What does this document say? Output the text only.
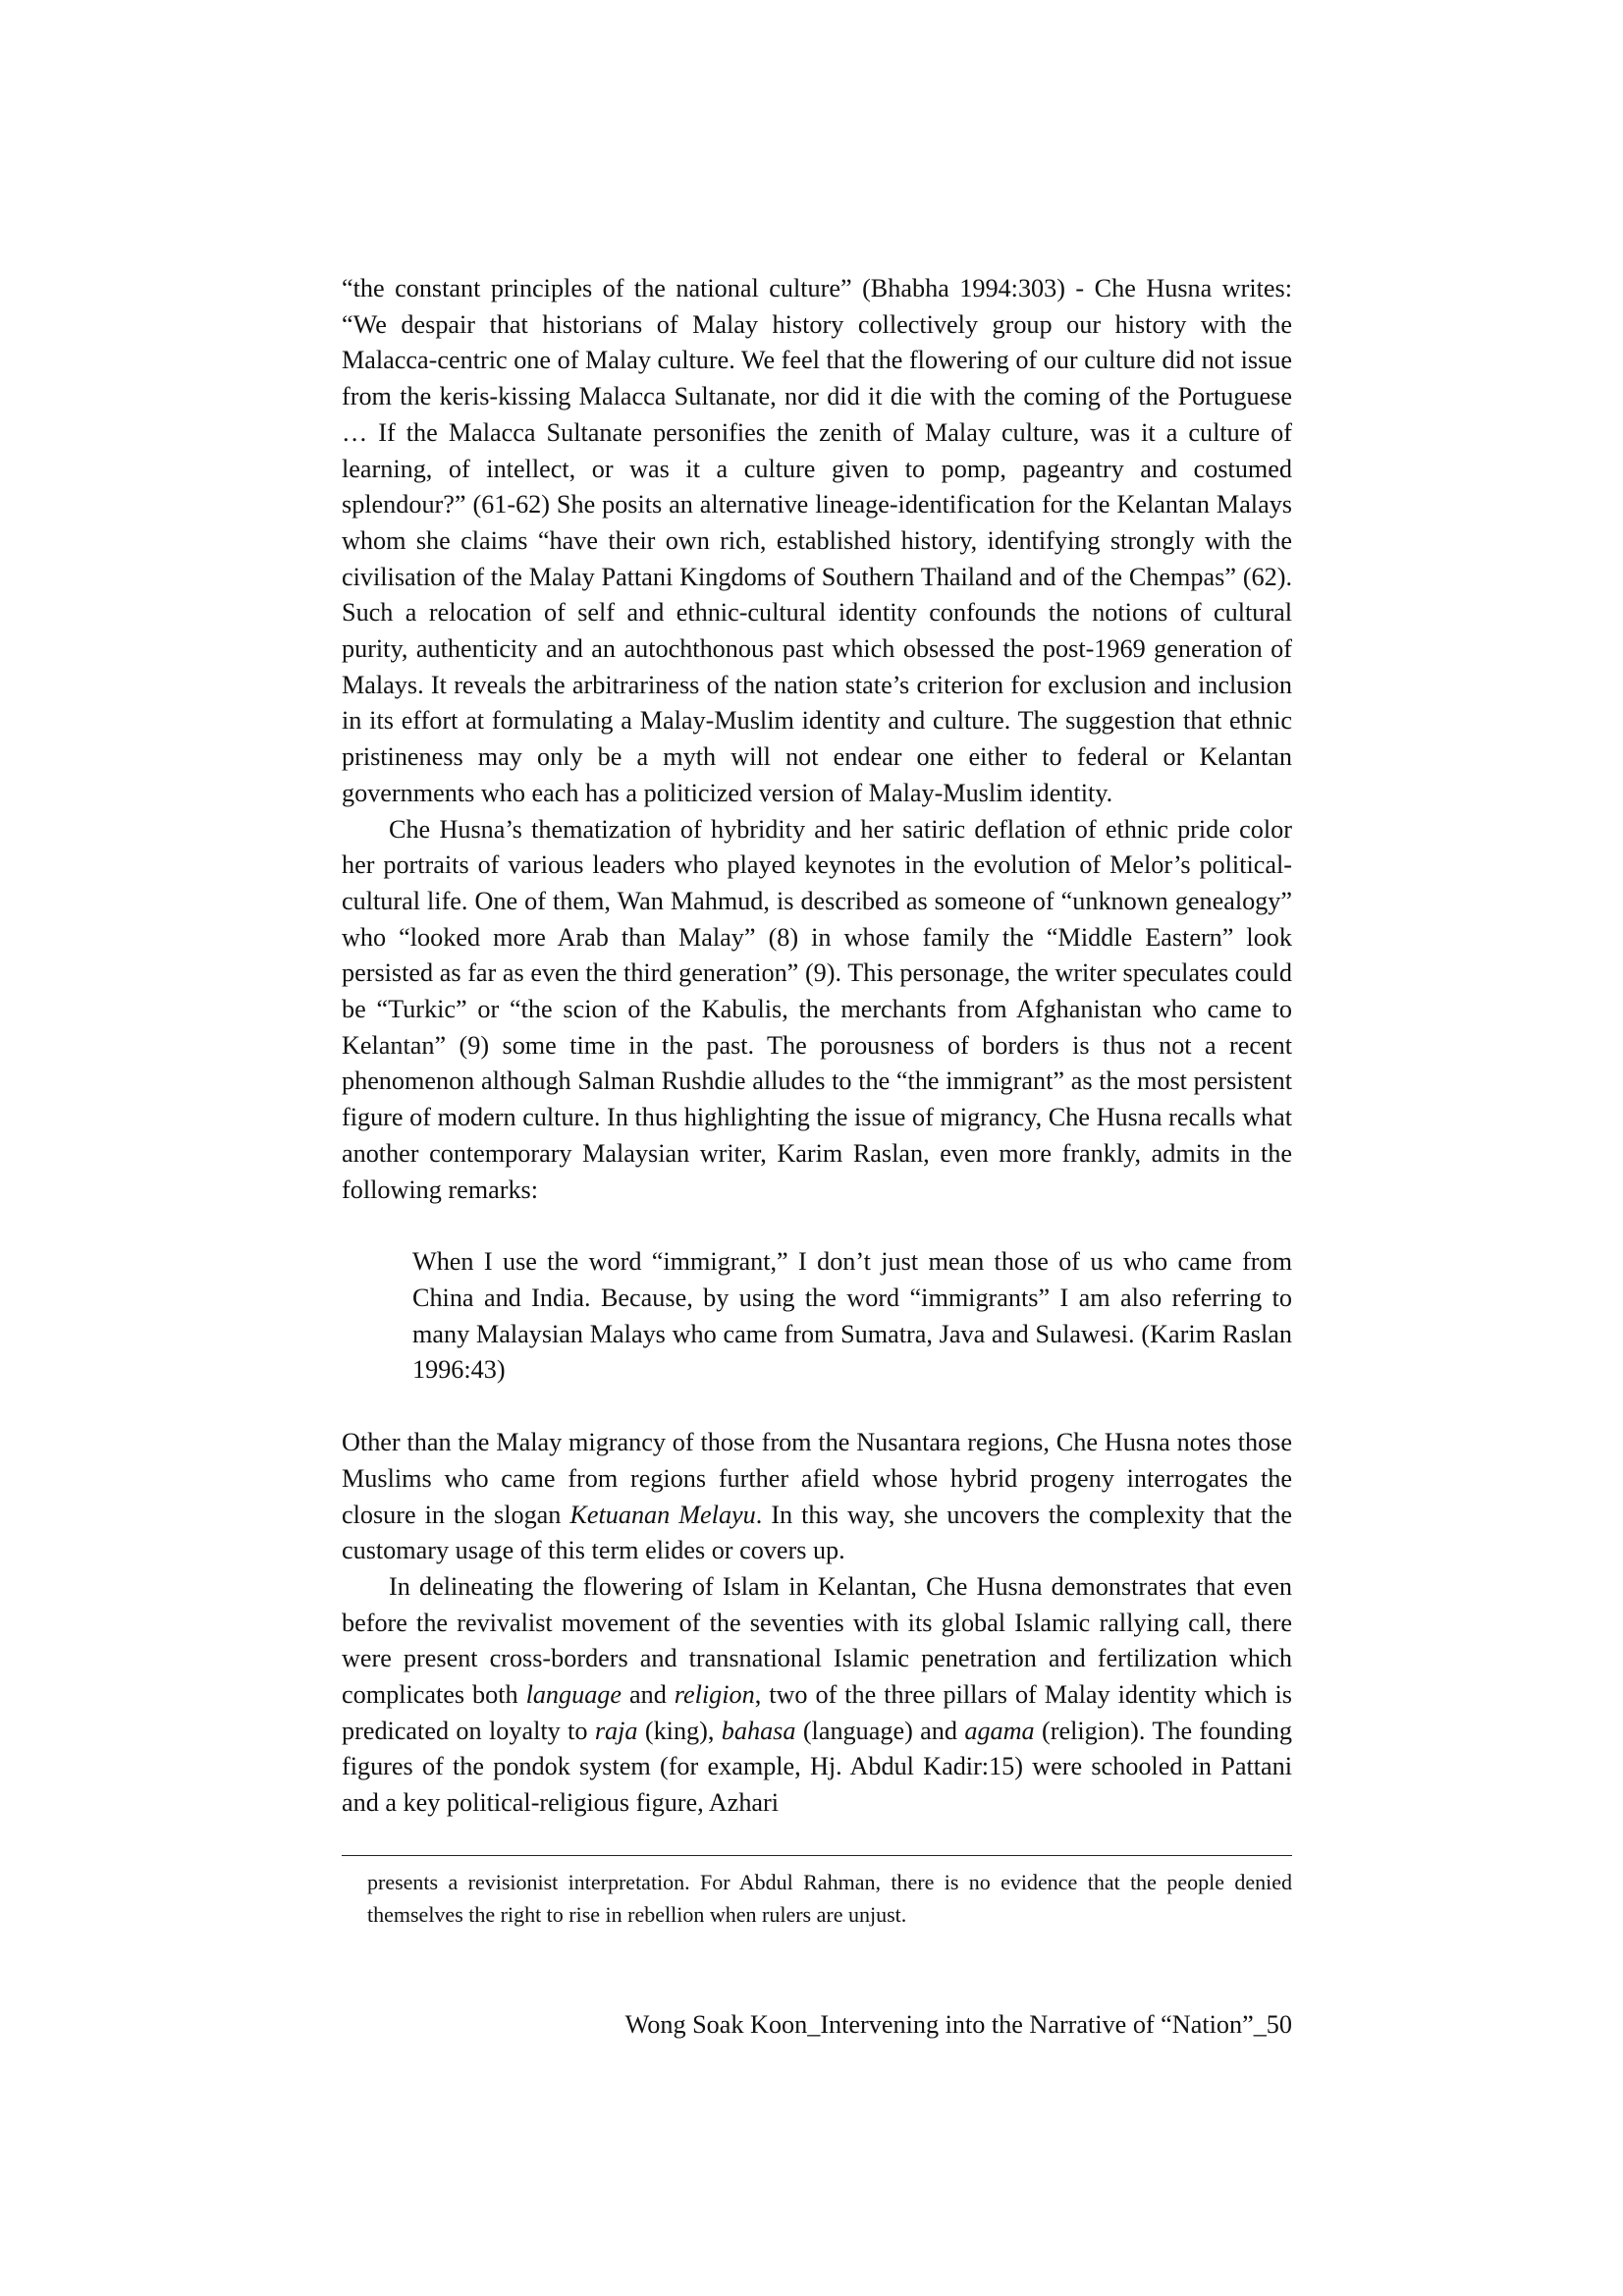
“the constant principles of the national culture” (Bhabha 1994:303) - Che Husna writes: “We despair that historians of Malay history collectively group our history with the Malacca-centric one of Malay culture. We feel that the flowering of our culture did not issue from the keris-kissing Malacca Sultanate, nor did it die with the coming of the Portuguese … If the Malacca Sultanate personifies the zenith of Malay culture, was it a culture of learning, of intellect, or was it a culture given to pomp, pageantry and costumed splendour?” (61-62) She posits an alternative lineage-identification for the Kelantan Malays whom she claims “have their own rich, established history, identifying strongly with the civilisation of the Malay Pattani Kingdoms of Southern Thailand and of the Chempas” (62). Such a relocation of self and ethnic-cultural identity confounds the notions of cultural purity, authenticity and an autochthonous past which obsessed the post-1969 generation of Malays. It reveals the arbitrariness of the nation state’s criterion for exclusion and inclusion in its effort at formulating a Malay-Muslim identity and culture. The suggestion that ethnic pristineness may only be a myth will not endear one either to federal or Kelantan governments who each has a politicized version of Malay-Muslim identity.

Che Husna’s thematization of hybridity and her satiric deflation of ethnic pride color her portraits of various leaders who played keynotes in the evolution of Melor’s political-cultural life. One of them, Wan Mahmud, is described as someone of “unknown genealogy” who “looked more Arab than Malay” (8) in whose family the “Middle Eastern” look persisted as far as even the third generation” (9). This personage, the writer speculates could be “Turkic” or “the scion of the Kabulis, the merchants from Afghanistan who came to Kelantan” (9) some time in the past. The porousness of borders is thus not a recent phenomenon although Salman Rushdie alludes to the “the immigrant” as the most persistent figure of modern culture. In thus highlighting the issue of migrancy, Che Husna recalls what another contemporary Malaysian writer, Karim Raslan, even more frankly, admits in the following remarks:

When I use the word “immigrant,” I don’t just mean those of us who came from China and India. Because, by using the word “immigrants” I am also referring to many Malaysian Malays who came from Sumatra, Java and Sulawesi. (Karim Raslan 1996:43)

Other than the Malay migrancy of those from the Nusantara regions, Che Husna notes those Muslims who came from regions further afield whose hybrid progeny interrogates the closure in the slogan Ketuanan Melayu. In this way, she uncovers the complexity that the customary usage of this term elides or covers up.

In delineating the flowering of Islam in Kelantan, Che Husna demonstrates that even before the revivalist movement of the seventies with its global Islamic rallying call, there were present cross-borders and transnational Islamic penetration and fertilization which complicates both language and religion, two of the three pillars of Malay identity which is predicated on loyalty to raja (king), bahasa (language) and agama (religion). The founding figures of the pondok system (for example, Hj. Abdul Kadir:15) were schooled in Pattani and a key political-religious figure, Azhari

presents a revisionist interpretation. For Abdul Rahman, there is no evidence that the people denied themselves the right to rise in rebellion when rulers are unjust.
Wong Soak Koon_Intervening into the Narrative of “Nation”_50
